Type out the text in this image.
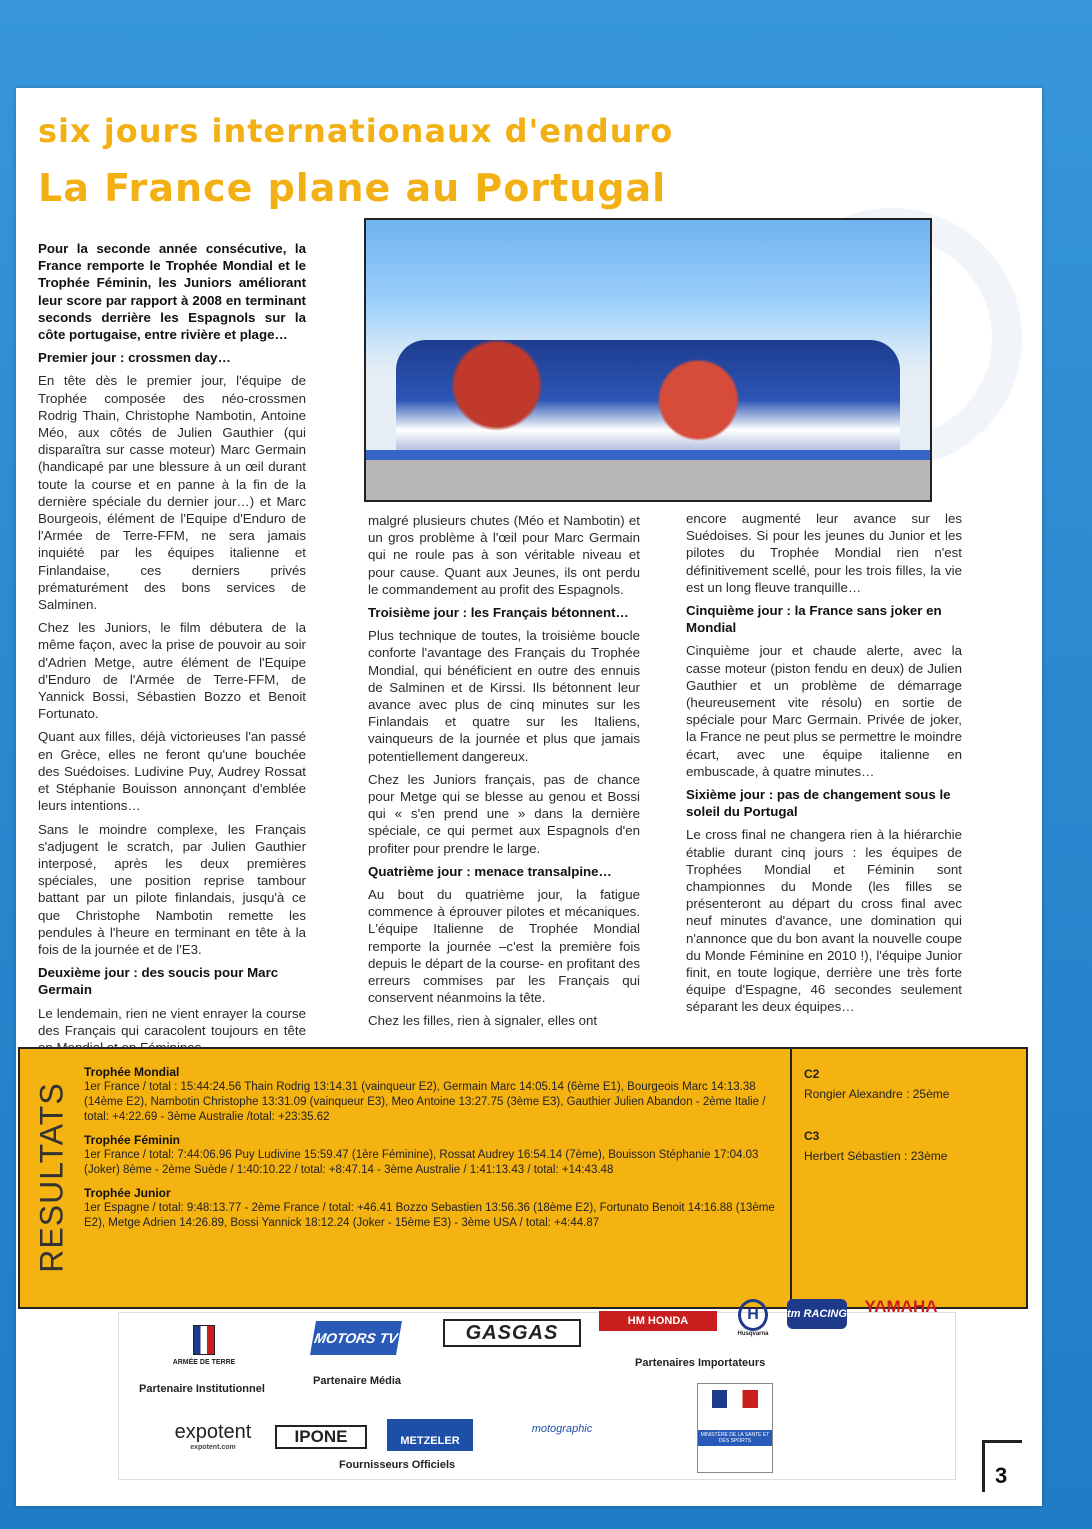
six jours internationaux d'enduro
La France plane au Portugal

Pour la seconde année consécutive, la France remporte le Trophée Mondial et le Trophée Féminin, les Juniors améliorant leur score par rapport à 2008 en terminant seconds derrière les Espagnols sur la côte portugaise, entre rivière et plage…

Premier jour : crossmen day…

En tête dès le premier jour, l'équipe de Trophée composée des néo-crossmen Rodrig Thain, Christophe Nambotin, Antoine Méo, aux côtés de Julien Gauthier (qui disparaîtra sur casse moteur) Marc Germain (handicapé par une blessure à un œil durant toute la course et en panne à la fin de la dernière spéciale du dernier jour…) et Marc Bourgeois, élément de l'Equipe d'Enduro de l'Armée de Terre-FFM, ne sera jamais inquiété par les équipes italienne et Finlandaise, ces derniers privés prématurément des bons services de Salminen.

Chez les Juniors, le film débutera de la même façon, avec la prise de pouvoir au soir d'Adrien Metge, autre élément de l'Equipe d'Enduro de l'Armée de Terre-FFM, de Yannick Bossi, Sébastien Bozzo et Benoit Fortunato.

Quant aux filles, déjà victorieuses l'an passé en Grèce, elles ne feront qu'une bouchée des Suédoises. Ludivine Puy, Audrey Rossat et Stéphanie Bouisson annonçant d'emblée leurs intentions…

Sans le moindre complexe, les Français s'adjugent le scratch, par Julien Gauthier interposé, après les deux premières spéciales, une position reprise tambour battant par un pilote finlandais, jusqu'à ce que Christophe Nambotin remette les pendules à l'heure en terminant en tête à la fois de la journée et de l'E3.

Deuxième jour : des soucis pour Marc Germain

Le lendemain, rien ne vient enrayer la course des Français qui caracolent toujours en tête

malgré plusieurs chutes (Méo et Nambotin) et un gros problème à l'œil pour Marc Germain qui ne roule pas à son véritable niveau et pour cause. Quant aux Jeunes, ils ont perdu le commandement au profit des Espagnols.

Troisième jour : les Français bétonnent…

Plus technique de toutes, la troisième boucle conforte l'avantage des Français du Trophée Mondial, qui bénéficient en outre des ennuis de Salminen et de Kirssi. Ils bétonnent leur avance avec plus de cinq minutes sur les Finlandais et quatre sur les Italiens, vainqueurs de la journée et plus que jamais potentiellement dangereux.

Chez les Juniors français, pas de chance pour Metge qui se blesse au genou et Bossi qui « s'en prend une » dans la dernière spéciale, ce qui permet aux Espagnols d'en profiter pour prendre le large.

Quatrième jour : menace transalpine…

Au bout du quatrième jour, la fatigue commence à éprouver pilotes et mécaniques. L'équipe Italienne de Trophée Mondial remporte la journée –c'est la première fois depuis le départ de la course- en profitant des erreurs commises par les Français qui conservent néanmoins la tête.

Chez les filles, rien à signaler, elles ont

encore augmenté leur avance sur les Suédoises. Si pour les jeunes du Junior et les pilotes du Trophée Mondial rien n'est définitivement scellé, pour les trois filles, la vie est un long fleuve tranquille…

Cinquième jour : la France sans joker en Mondial

Cinquième jour et chaude alerte, avec la casse moteur (piston fendu en deux) de Julien Gauthier et un problème de démarrage (heureusement vite résolu) en sortie de spéciale pour Marc Germain. Privée de joker, la France ne peut plus se permettre le moindre écart, avec une équipe italienne en embuscade, à quatre minutes…

Sixième jour : pas de changement sous le soleil du Portugal

Le cross final ne changera rien à la hiérarchie établie durant cinq jours : les équipes de Trophées Mondial et Féminin sont championnes du Monde (les filles se présenteront au départ du cross final avec neuf minutes d'avance, une domination qui n'annonce que du bon avant la nouvelle coupe du Monde Féminine en 2010 !), l'équipe Junior finit, en toute logique, derrière une très forte équipe d'Espagne, 46 secondes seulement séparant les deux équipes…

RESULTATS
Trophée Mondial

1er France / total : 15:44:24.56 Thain Rodrig 13:14.31 (vainqueur E2), Germain Marc 14:05.14 (6ème E1), Bourgeois Marc 14:13.38 (14ème E2), Nambotin Christophe 13:31.09 (vainqueur E3), Meo Antoine 13:27.75 (3ème E3), Gauthier Julien Abandon - 2ème Italie / total: +4:22.69 - 3ème Australie /total: +23:35.62

Trophée Féminin

1er France / total: 7:44:06.96 Puy Ludivine 15:59.47 (1ère Féminine), Rossat Audrey 16:54.14 (7ème), Bouisson Stéphanie 17:04.03 (Joker) 8ème - 2ème Suède / 1:40:10.22 / total: +8:47.14 - 3ème Australie / 1:41:13.43 / total: +14:43.48

Trophée Junior

1er Espagne / total: 9:48:13.77 - 2ème France / total: +46.41 Bozzo Sebastien 13:56.36 (18ème E2), Fortunato Benoit 14:16.88 (13ème E2), Metge Adrien 14:26.89, Bossi Yannick 18:12.24 (Joker - 15ème E3) - 3ème USA / total: +4:44.87

C2

Rongier Alexandre : 25ème

C3

Herbert Sébastien : 23ème

ARMÉE DE TERRE
Partenaire Institutionnel
MOTORS TV
Partenaire Média
GASGAS
HM HONDA	H
Husqvarna
tm RACING	YAMAHA
Partenaires Importateurs
expotent
expotent.com
IPONE	METZELER
Fournisseurs Officiels
motographic	MINISTÈRE DE LA SANTÉ ET DES SPORTS
3
